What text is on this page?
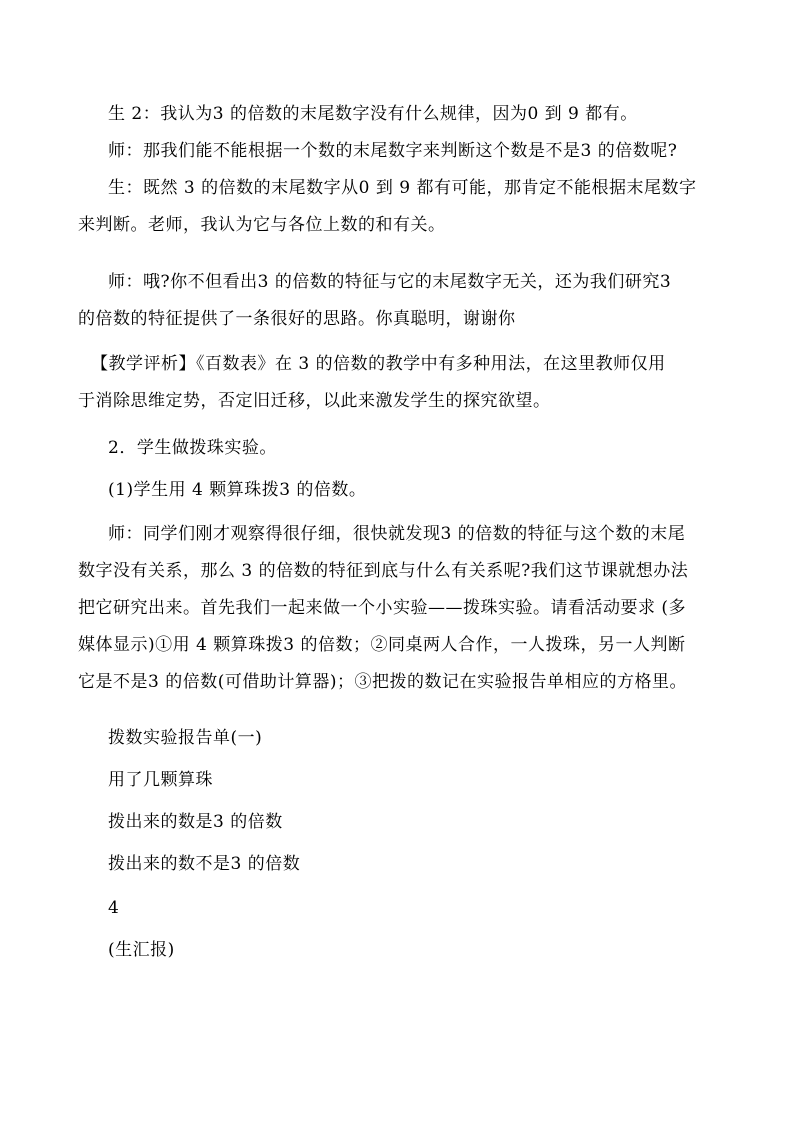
生 2：我认为3 的倍数的末尾数字没有什么规律，因为0 到 9 都有。

师：那我们能不能根据一个数的末尾数字来判断这个数是不是3 的倍数呢?

生：既然 3 的倍数的末尾数字从0 到 9 都有可能，那肯定不能根据末尾数字

来判断。老师，我认为它与各位上数的和有关。

师：哦?你不但看出3 的倍数的特征与它的末尾数字无关，还为我们研究3

的倍数的特征提供了一条很好的思路。你真聪明，谢谢你

【教学评析】《百数表》在 3 的倍数的教学中有多种用法，在这里教师仅用

于消除思维定势，否定旧迁移，以此来激发学生的探究欲望。

2．学生做拨珠实验。

(1)学生用 4 颗算珠拨3 的倍数。

师：同学们刚才观察得很仔细，很快就发现3 的倍数的特征与这个数的末尾

数字没有关系，那么 3 的倍数的特征到底与什么有关系呢?我们这节课就想办法

把它研究出来。首先我们一起来做一个小实验——拨珠实验。请看活动要求 (多

媒体显示)①用 4 颗算珠拨3 的倍数；②同桌两人合作，一人拨珠，另一人判断

它是不是3 的倍数(可借助计算器)；③把拨的数记在实验报告单相应的方格里。

拨数实验报告单(一)

用了几颗算珠

拨出来的数是3 的倍数

拨出来的数不是3 的倍数

4

(生汇报)
